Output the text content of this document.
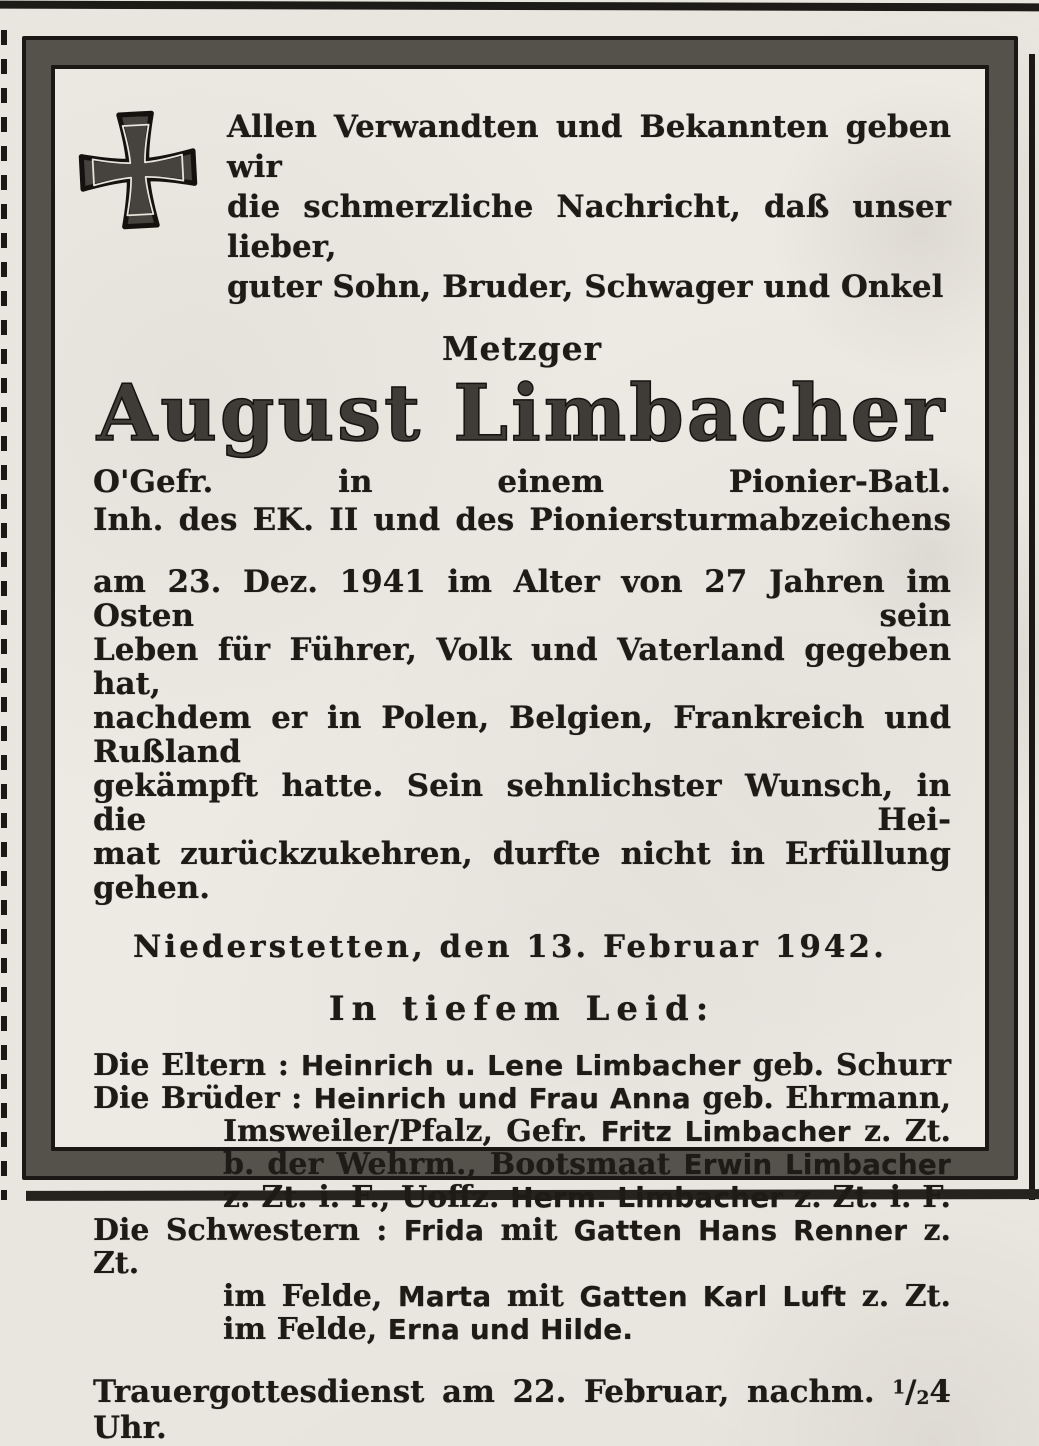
Allen Verwandten und Bekannten geben wir
die schmerzliche Nachricht, daß unser lieber,
guter Sohn, Bruder, Schwager und Onkel
Metzger
August Limbacher
O'Gefr. in einem Pionier-Batl.
Inh. des EK. II und des Pioniersturmabzeichens
am 23. Dez. 1941 im Alter von 27 Jahren im Osten sein
Leben für Führer, Volk und Vaterland gegeben hat,
nachdem er in Polen, Belgien, Frankreich und Rußland
gekämpft hatte. Sein sehnlichster Wunsch, in die Hei-
mat zurückzukehren, durfte nicht in Erfüllung gehen.
Niederstetten, den 13. Februar 1942.
In tiefem Leid:
Die Eltern : Heinrich u. Lene Limbacher geb. Schurr
Die Brüder : Heinrich und Frau Anna geb. Ehrmann,
Imsweiler/Pfalz, Gefr. Fritz Limbacher z. Zt.
b. der Wehrm., Bootsmaat Erwin Limbacher
z. Zt. i. F., Uoffz. Herm. Limbacher z. Zt. i. F.
Die Schwestern : Frida mit Gatten Hans Renner z. Zt.
im Felde, Marta mit Gatten Karl Luft z. Zt.
im Felde, Erna und Hilde.
Trauergottesdienst am 22. Februar, nachm. $^1/_24$ Uhr.
